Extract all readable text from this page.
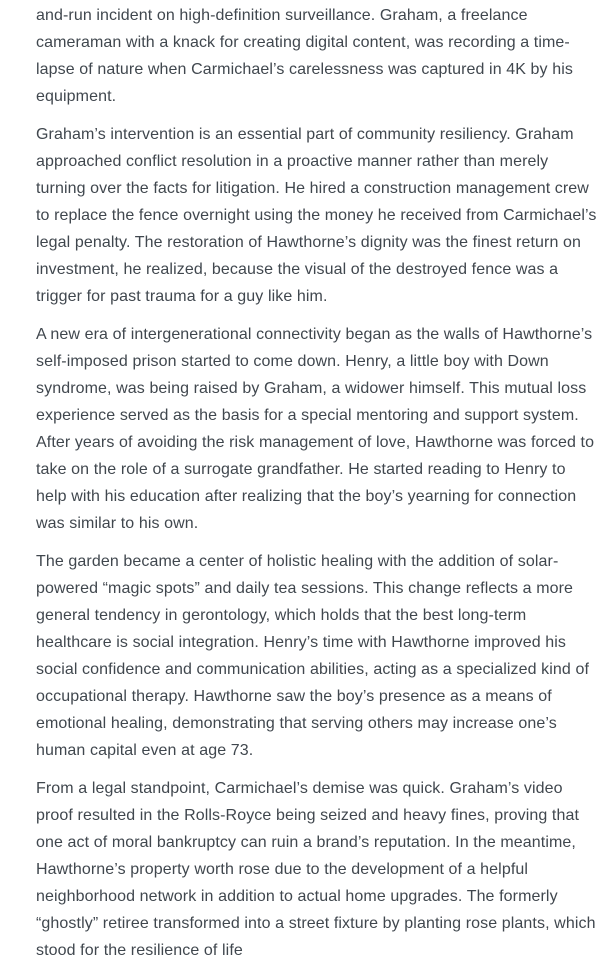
and-run incident on high-definition surveillance. Graham, a freelance cameraman with a knack for creating digital content, was recording a time-lapse of nature when Carmichael’s carelessness was captured in 4K by his equipment.

Graham’s intervention is an essential part of community resiliency. Graham approached conflict resolution in a proactive manner rather than merely turning over the facts for litigation. He hired a construction management crew to replace the fence overnight using the money he received from Carmichael’s legal penalty. The restoration of Hawthorne’s dignity was the finest return on investment, he realized, because the visual of the destroyed fence was a trigger for past trauma for a guy like him.

A new era of intergenerational connectivity began as the walls of Hawthorne’s self-imposed prison started to come down. Henry, a little boy with Down syndrome, was being raised by Graham, a widower himself. This mutual loss experience served as the basis for a special mentoring and support system. After years of avoiding the risk management of love, Hawthorne was forced to take on the role of a surrogate grandfather. He started reading to Henry to help with his education after realizing that the boy’s yearning for connection was similar to his own.

The garden became a center of holistic healing with the addition of solar-powered “magic spots” and daily tea sessions. This change reflects a more general tendency in gerontology, which holds that the best long-term healthcare is social integration. Henry’s time with Hawthorne improved his social confidence and communication abilities, acting as a specialized kind of occupational therapy. Hawthorne saw the boy’s presence as a means of emotional healing, demonstrating that serving others may increase one’s human capital even at age 73.

From a legal standpoint, Carmichael’s demise was quick. Graham’s video proof resulted in the Rolls-Royce being seized and heavy fines, proving that one act of moral bankruptcy can ruin a brand’s reputation. In the meantime, Hawthorne’s property worth rose due to the development of a helpful neighborhood network in addition to actual home upgrades. The formerly “ghostly” retiree transformed into a street fixture by planting rose plants, which stood for the resilience of life
